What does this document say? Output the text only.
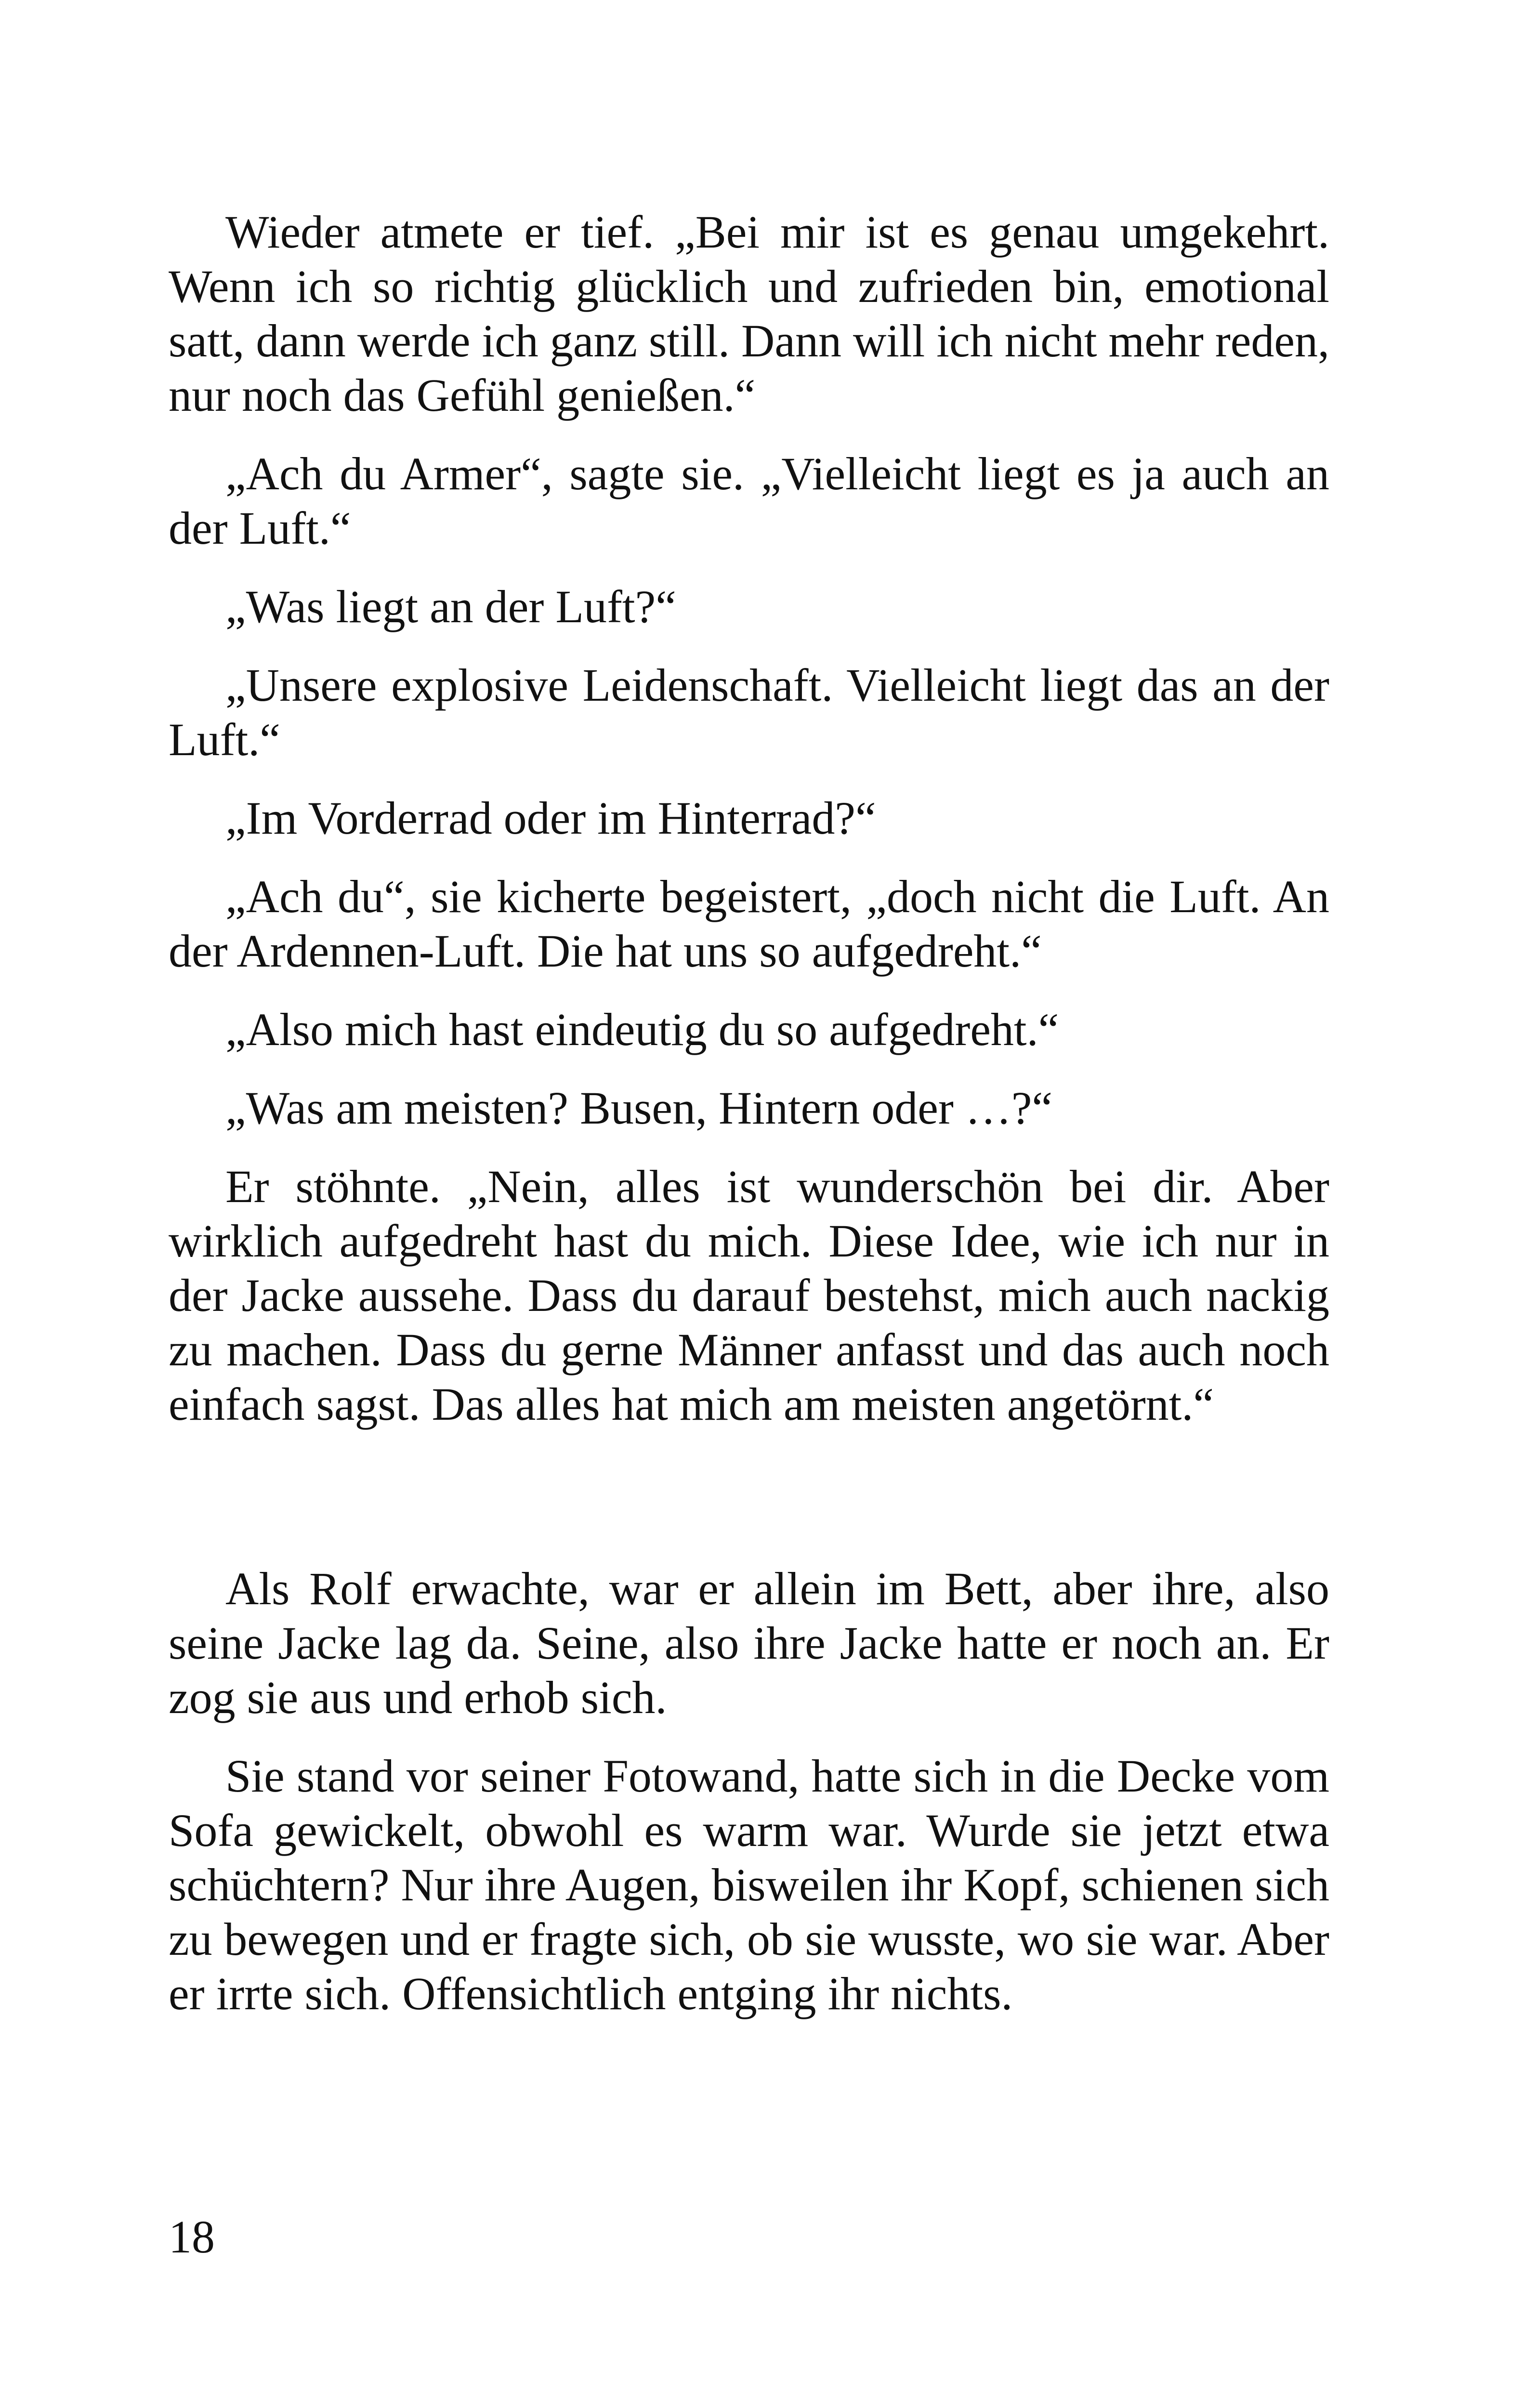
Wieder atmete er tief. „Bei mir ist es genau umgekehrt. Wenn ich so richtig glücklich und zufrieden bin, emotional satt, dann werde ich ganz still. Dann will ich nicht mehr reden, nur noch das Gefühl genießen.“

„Ach du Armer“, sagte sie. „Vielleicht liegt es ja auch an der Luft.“

„Was liegt an der Luft?“

„Unsere explosive Leidenschaft. Vielleicht liegt das an der Luft.“

„Im Vorderrad oder im Hinterrad?“

„Ach du“, sie kicherte begeistert, „doch nicht die Luft. An der Ardennen-Luft. Die hat uns so aufgedreht.“

„Also mich hast eindeutig du so aufgedreht.“

„Was am meisten? Busen, Hintern oder …?“

Er stöhnte. „Nein, alles ist wunderschön bei dir. Aber wirklich aufgedreht hast du mich. Diese Idee, wie ich nur in der Jacke aussehe. Dass du darauf bestehst, mich auch nackig zu machen. Dass du gerne Männer anfasst und das auch noch einfach sagst. Das alles hat mich am meisten angetörnt.“

Als Rolf erwachte, war er allein im Bett, aber ihre, also seine Jacke lag da. Seine, also ihre Jacke hatte er noch an. Er zog sie aus und erhob sich.

Sie stand vor seiner Fotowand, hatte sich in die Decke vom Sofa gewickelt, obwohl es warm war. Wurde sie jetzt etwa schüchtern? Nur ihre Augen, bisweilen ihr Kopf, schienen sich zu bewegen und er fragte sich, ob sie wusste, wo sie war. Aber er irrte sich. Offensichtlich entging ihr nichts.

18
